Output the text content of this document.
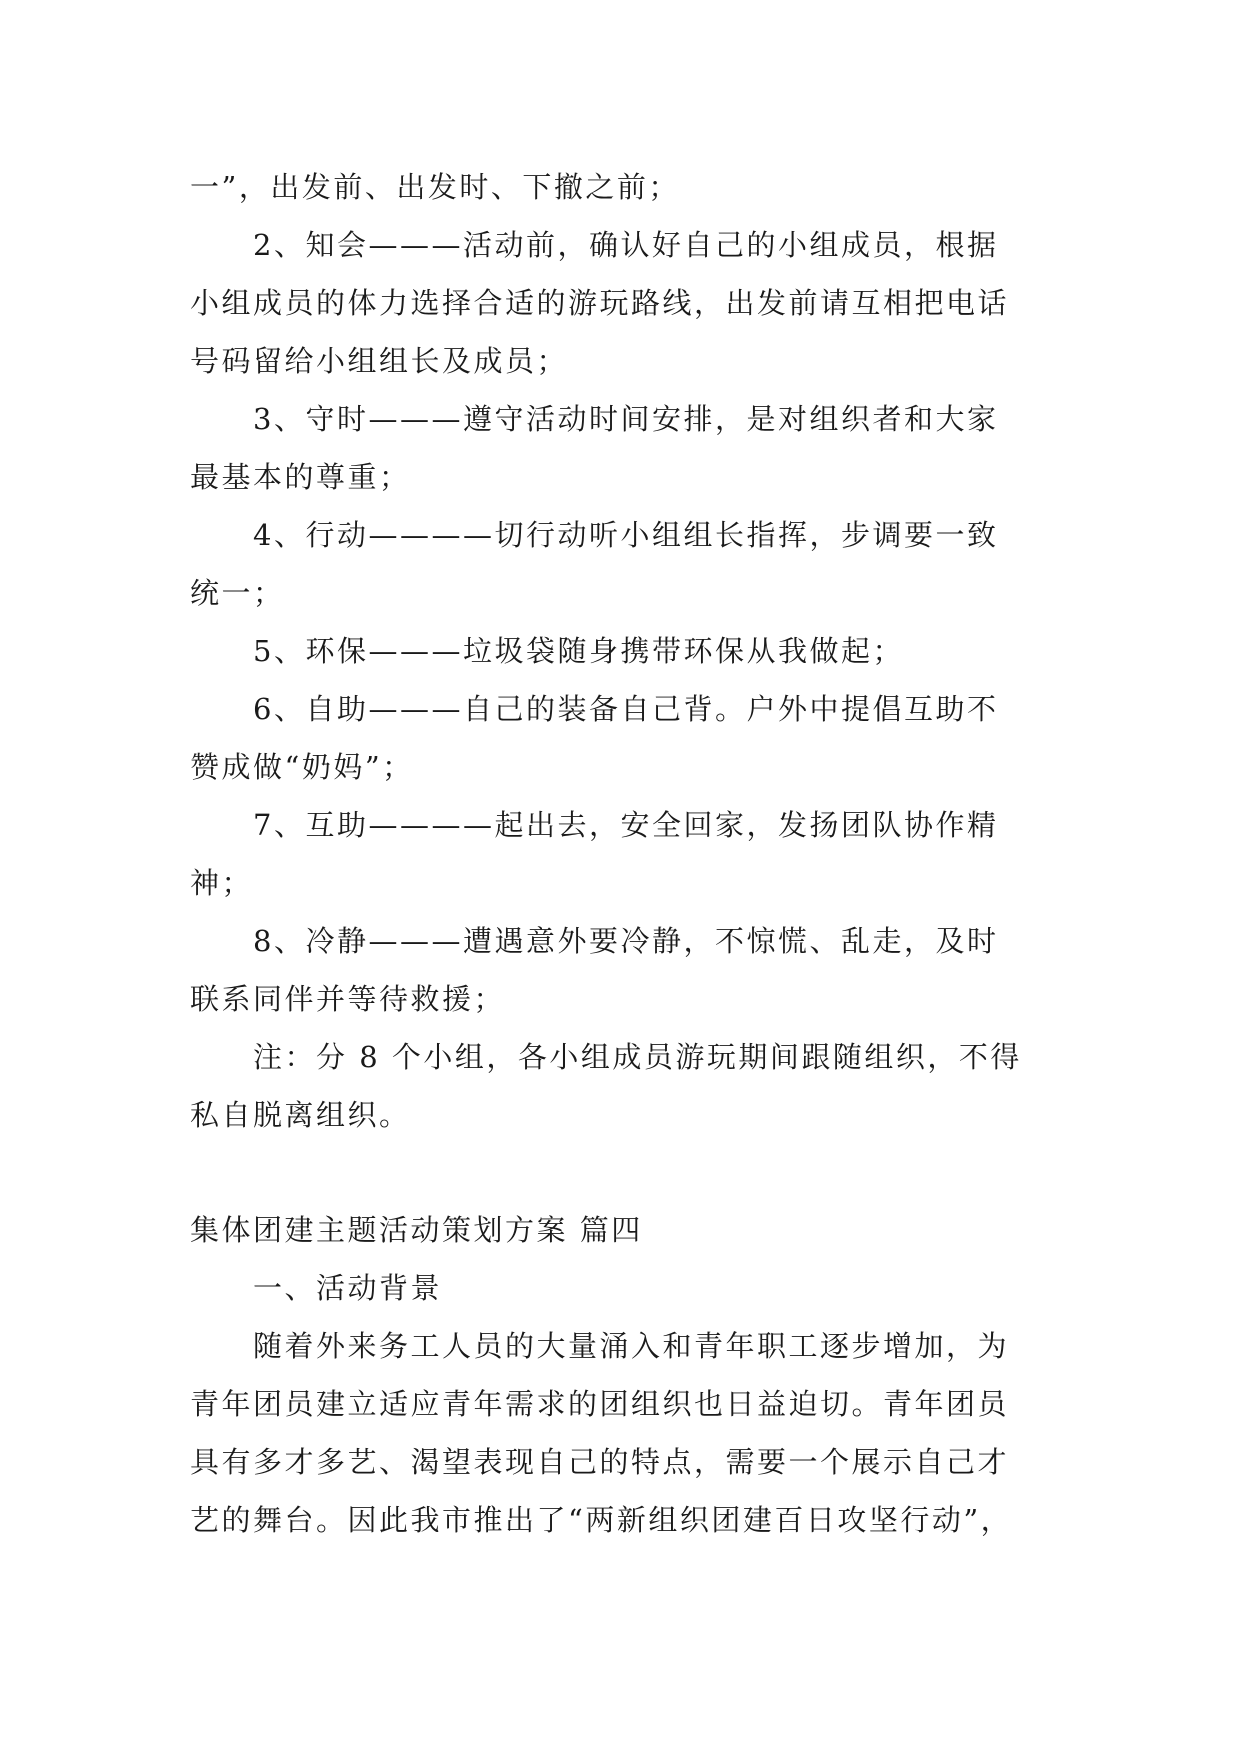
一”，出发前、出发时、下撤之前；
2、知会———活动前，确认好自己的小组成员，根据
小组成员的体力选择合适的游玩路线，出发前请互相把电话
号码留给小组组长及成员；
3、守时———遵守活动时间安排，是对组织者和大家
最基本的尊重；
4、行动————切行动听小组组长指挥，步调要一致
统一；
5、环保———垃圾袋随身携带环保从我做起；
6、自助———自己的装备自己背。户外中提倡互助不
赞成做“奶妈”；
7、互助————起出去，安全回家，发扬团队协作精
神；
8、冷静———遭遇意外要冷静，不惊慌、乱走，及时
联系同伴并等待救援；
注：分 8 个小组，各小组成员游玩期间跟随组织，不得
私自脱离组织。
集体团建主题活动策划方案 篇四
一、活动背景
随着外来务工人员的大量涌入和青年职工逐步增加，为
青年团员建立适应青年需求的团组织也日益迫切。青年团员
具有多才多艺、渴望表现自己的特点，需要一个展示自己才
艺的舞台。因此我市推出了“两新组织团建百日攻坚行动”，
